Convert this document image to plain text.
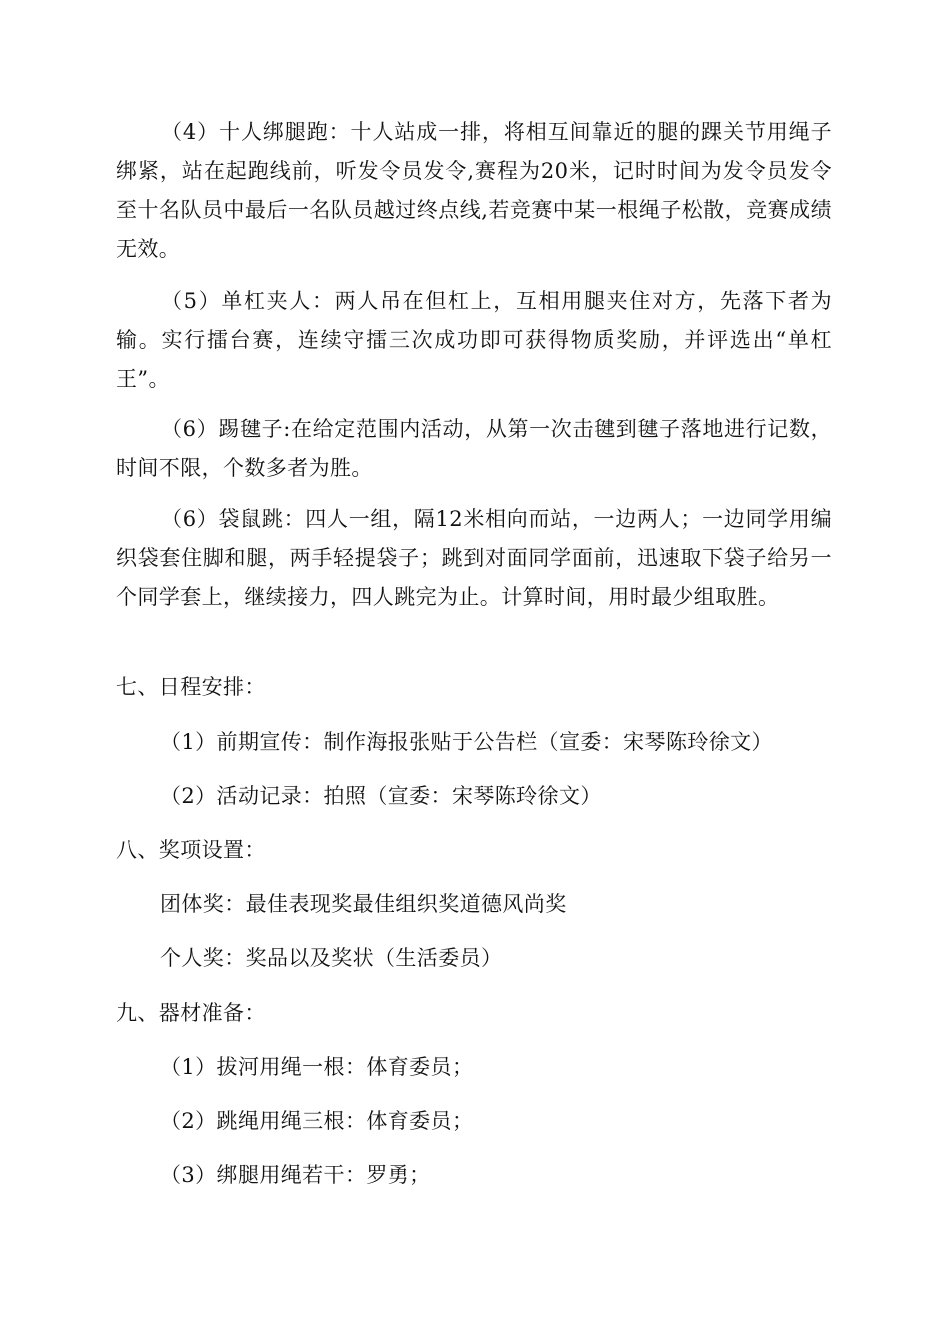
（4）十人绑腿跑：十人站成一排，将相互间靠近的腿的踝关节用绳子绑紧，站在起跑线前，听发令员发令,赛程为20米，记时时间为发令员发令至十名队员中最后一名队员越过终点线,若竞赛中某一根绳子松散，竞赛成绩无效。

（5）单杠夹人：两人吊在但杠上，互相用腿夹住对方，先落下者为输。实行擂台赛，连续守擂三次成功即可获得物质奖励，并评选出“单杠王”。

（6）踢毽子:在给定范围内活动，从第一次击毽到毽子落地进行记数，时间不限，个数多者为胜。

（6）袋鼠跳：四人一组，隔12米相向而站，一边两人；一边同学用编织袋套住脚和腿，两手轻提袋子；跳到对面同学面前，迅速取下袋子给另一个同学套上，继续接力，四人跳完为止。计算时间，用时最少组取胜。

七、日程安排：

（1）前期宣传：制作海报张贴于公告栏（宣委：宋琴陈玲徐文）

（2）活动记录：拍照（宣委：宋琴陈玲徐文）

八、奖项设置：

团体奖：最佳表现奖最佳组织奖道德风尚奖

个人奖：奖品以及奖状（生活委员）

九、器材准备：

（1）拔河用绳一根：体育委员；

（2）跳绳用绳三根：体育委员；

（3）绑腿用绳若干：罗勇；
